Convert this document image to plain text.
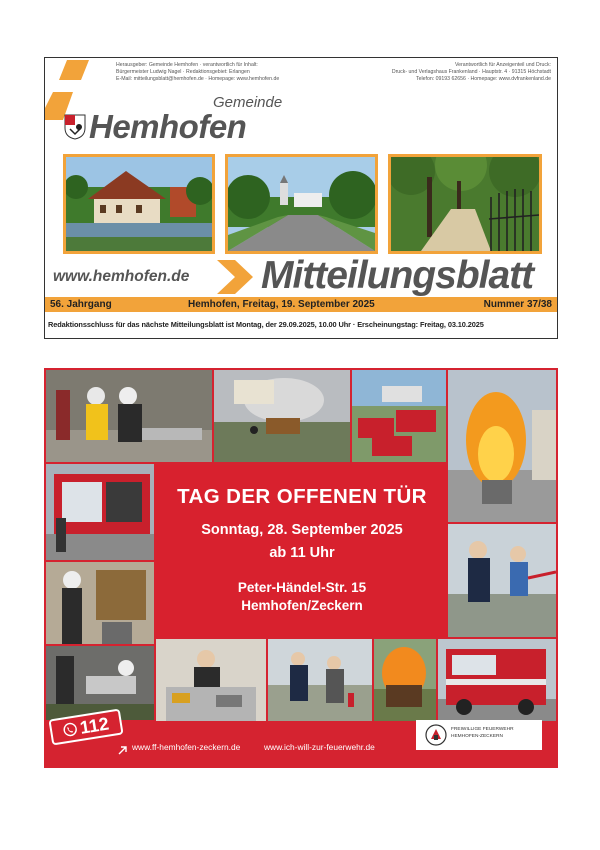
Herausgeber: Gemeinde Hemhofen · verantwortlich für Inhalt:
Bürgermeister Ludwig Nagel · Redaktionsgebiet: Erlangen
E-Mail: mitteilungsblatt@hemhofen.de · Homepage: www.hemhofen.de
Verantwortlich für Anzeigenteil und Druck:
Druck- und Verlagshaus Frankenland · Hauptstr. 4 · 91315 Höchstadt
Telefon: 09193 62656 · Homepage: www.dvfrankenland.de
Gemeinde
Hemhofen
www.hemhofen.de Mitteilungsblatt
56. Jahrgang	Hemhofen, Freitag, 19. September 2025	Nummer 37/38
Redaktionsschluss für das nächste Mitteilungsblatt ist Montag, der 29.09.2025, 10.00 Uhr · Erscheinungstag: Freitag, 03.10.2025
TAG DER OFFENEN TÜR
Sonntag, 28. September 2025
ab 11 Uhr
Peter-Händel-Str. 15
Hemhofen/Zeckern
112
www.ff-hemhofen-zeckern.de	www.ich-will-zur-feuerwehr.de
FREIWILLIGE FEUERWEHR
HEMHOFEN-ZECKERN
